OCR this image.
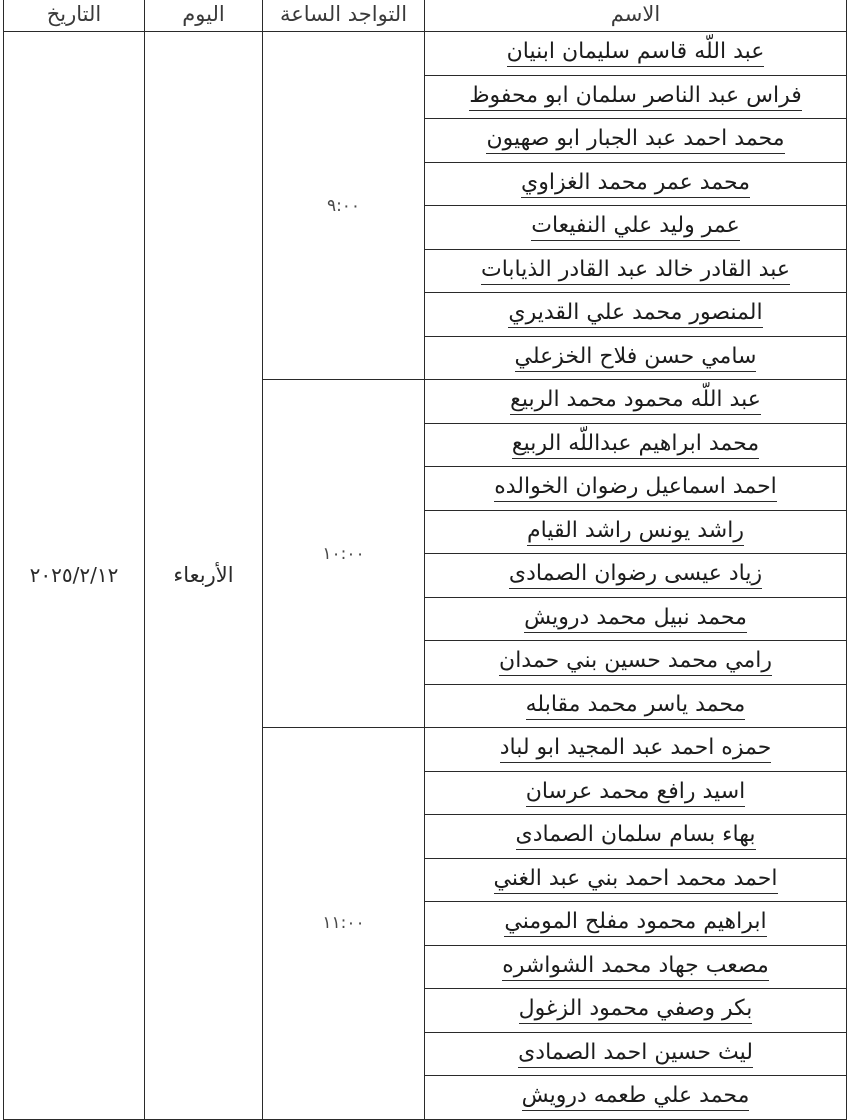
الاسم	التواجد الساعة	اليوم	التاريخ
عبد اللّه قاسم سليمان ابنيان	٩:٠٠	الأربعاء	٢٠٢٥/٢/١٢
فراس عبد الناصر سلمان ابو محفوظ			
محمد احمد عبد الجبار ابو صهيون			
محمد عمر محمد الغزاوي			
عمر وليد علي النفيعات			
عبد القادر خالد عبد القادر الذيابات			
المنصور محمد علي القديري			
سامي حسن فلاح الخزعلي			
عبد اللّه محمود محمد الربيع	١٠:٠٠		
محمد ابراهيم عبداللّه الربيع			
احمد اسماعيل رضوان الخوالده			
راشد يونس راشد القيام			
زياد عيسى رضوان الصمادى			
محمد نبيل محمد درويش			
رامي محمد حسين بني حمدان			
محمد ياسر محمد مقابله			
حمزه احمد عبد المجيد ابو لباد	١١:٠٠		
اسيد رافع محمد عرسان			
بهاء بسام سلمان الصمادى			
احمد محمد احمد بني عبد الغني			
ابراهيم محمود مفلح المومني			
مصعب جهاد محمد الشواشره			
بكر وصفي محمود الزغول			
ليث حسين احمد الصمادى			
محمد علي طعمه درويش			
